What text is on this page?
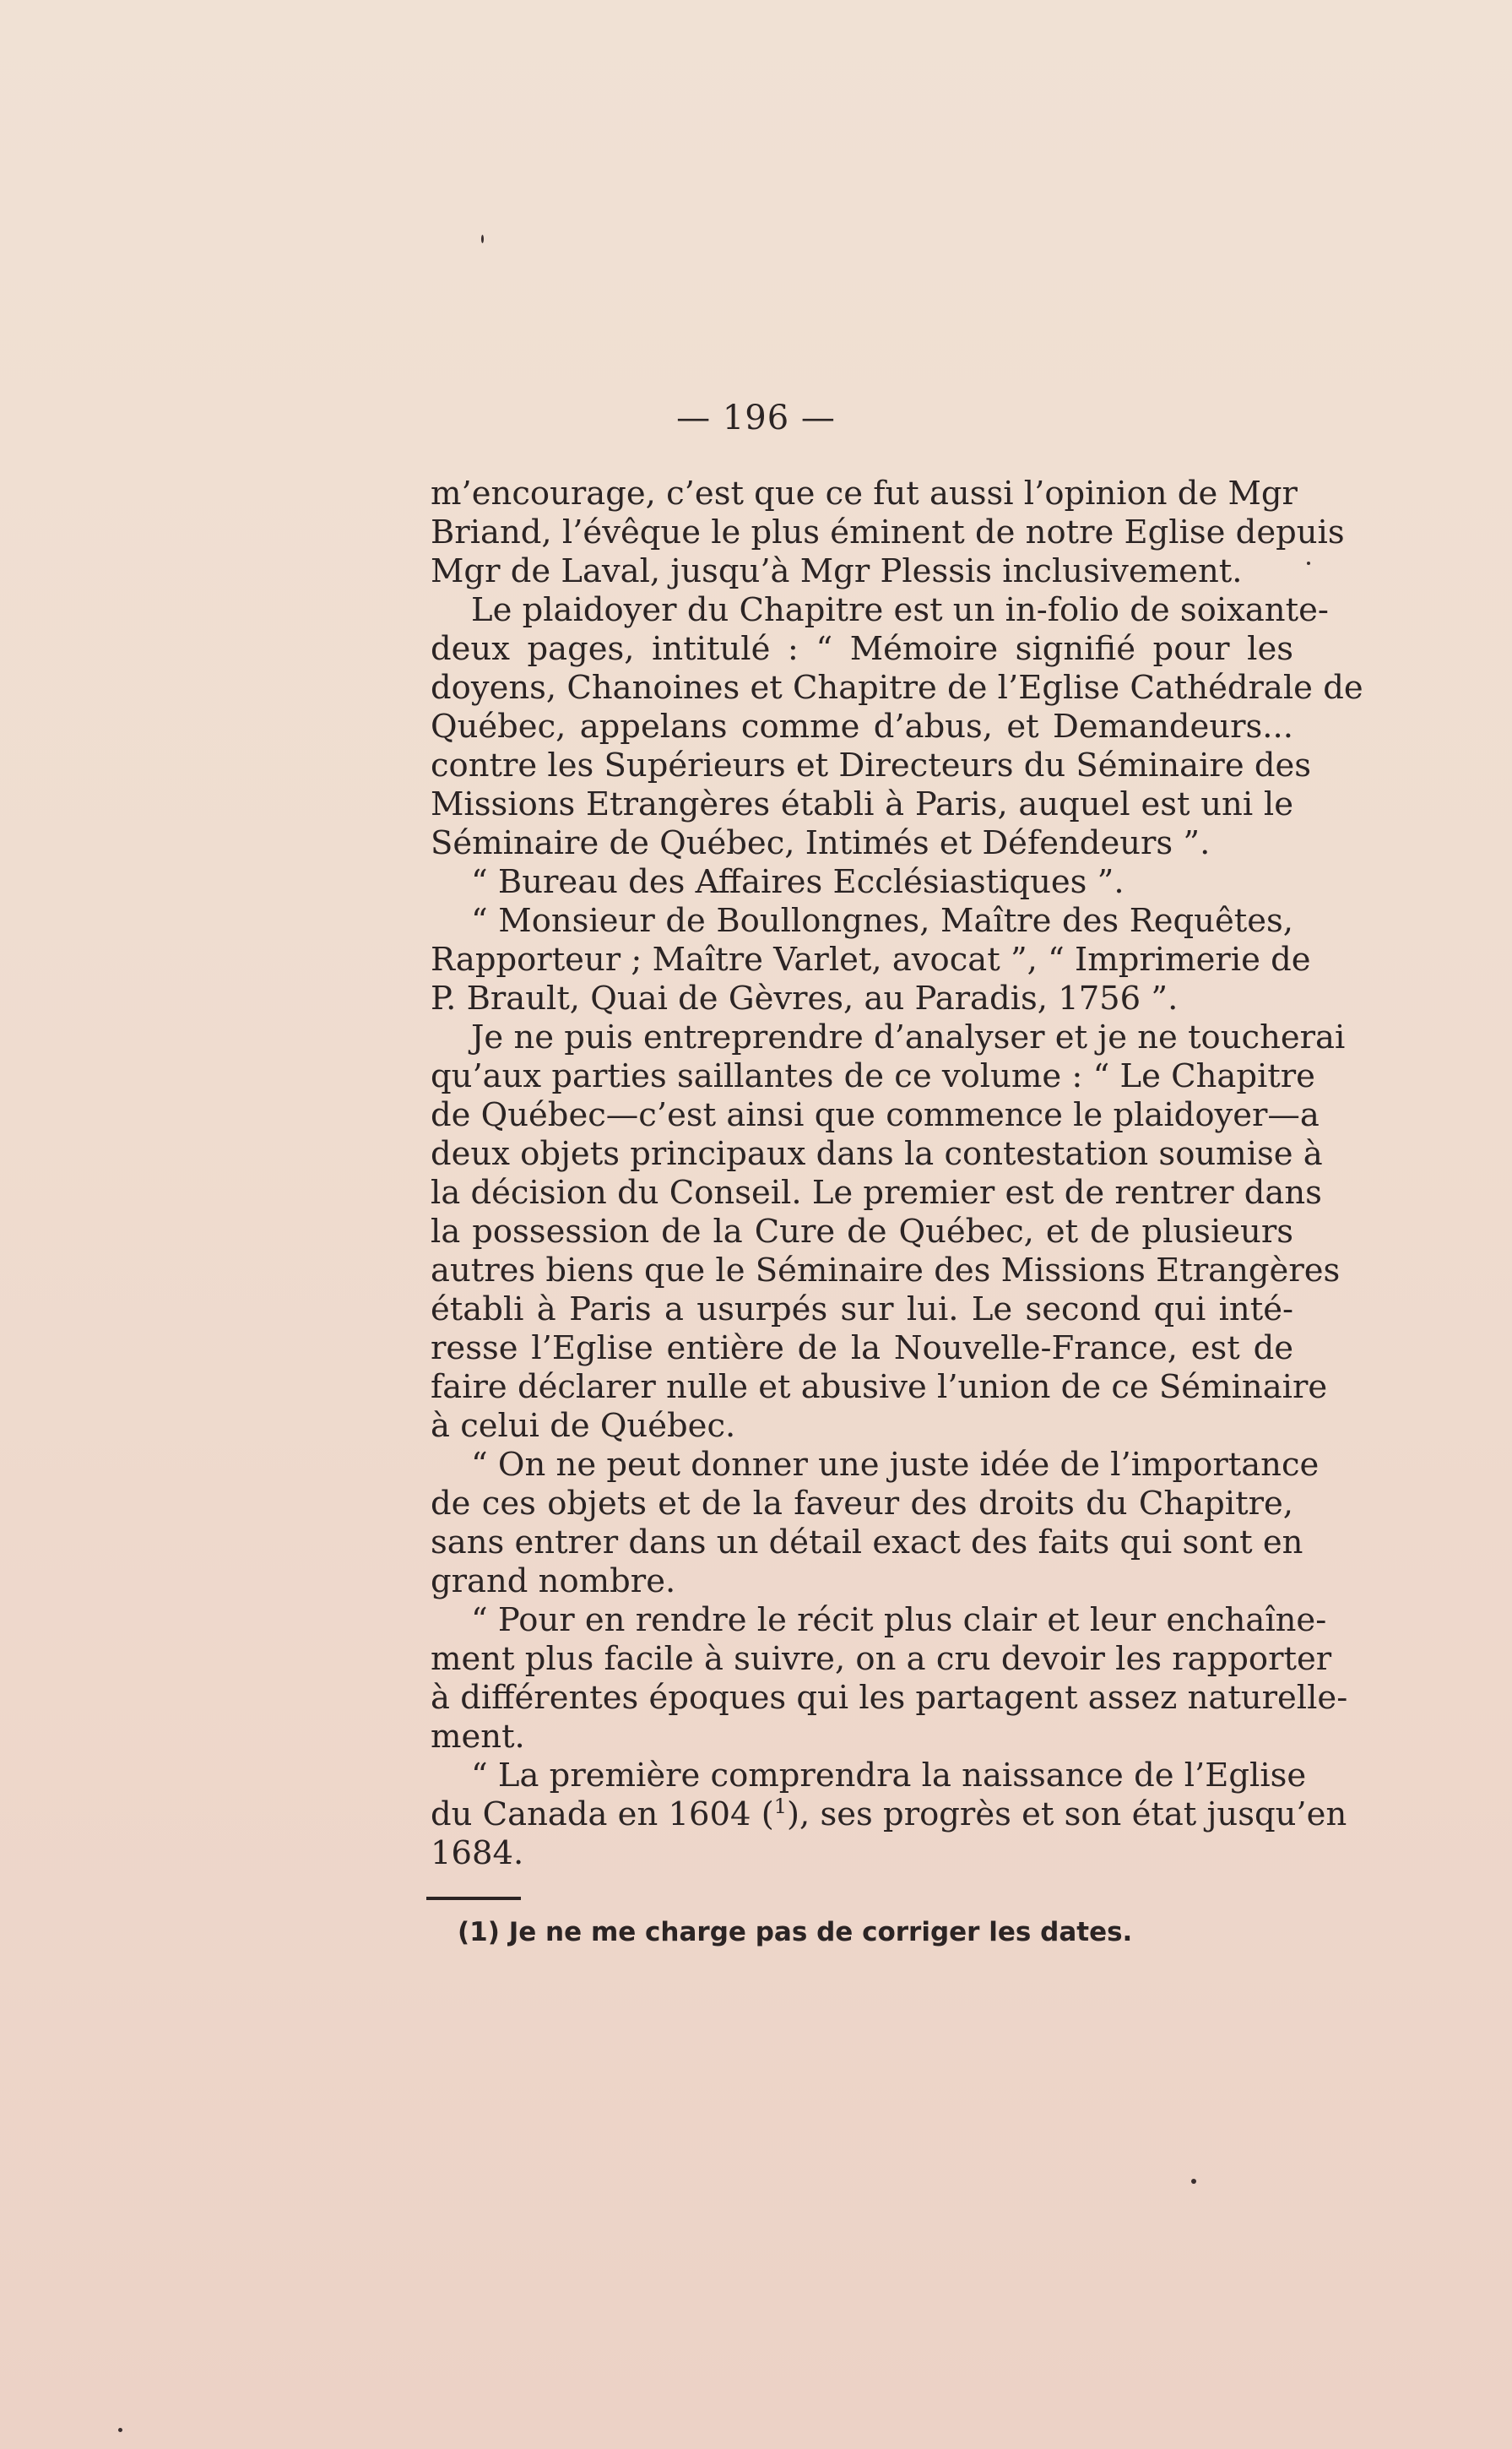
— 196 —
m’encourage, c’est que ce fut aussi l’opinion de Mgr
Briand, l’évêque le plus éminent de notre Eglise depuis
Mgr de Laval, jusqu’à Mgr Plessis inclusivement.
Le plaidoyer du Chapitre est un in-folio de soixante-
deux pages, intitulé : “ Mémoire signifié pour les
doyens, Chanoines et Chapitre de l’Eglise Cathédrale de
Québec, appelans comme d’abus, et Demandeurs...
contre les Supérieurs et Directeurs du Séminaire des
Missions Etrangères établi à Paris, auquel est uni le
Séminaire de Québec, Intimés et Défendeurs ”.
“ Bureau des Affaires Ecclésiastiques ”.
“ Monsieur de Boullongnes, Maître des Requêtes,
Rapporteur ; Maître Varlet, avocat ”, “ Imprimerie de
P. Brault, Quai de Gèvres, au Paradis, 1756 ”.
Je ne puis entreprendre d’analyser et je ne toucherai
qu’aux parties saillantes de ce volume : “ Le Chapitre
de Québec—c’est ainsi que commence le plaidoyer—a
deux objets principaux dans la contestation soumise à
la décision du Conseil. Le premier est de rentrer dans
la possession de la Cure de Québec, et de plusieurs
autres biens que le Séminaire des Missions Etrangères
établi à Paris a usurpés sur lui. Le second qui inté-
resse l’Eglise entière de la Nouvelle-France, est de
faire déclarer nulle et abusive l’union de ce Séminaire
à celui de Québec.
“ On ne peut donner une juste idée de l’importance
de ces objets et de la faveur des droits du Chapitre,
sans entrer dans un détail exact des faits qui sont en
grand nombre.
“ Pour en rendre le récit plus clair et leur enchaîne-
ment plus facile à suivre, on a cru devoir les rapporter
à différentes époques qui les partagent assez naturelle-
ment.
“ La première comprendra la naissance de l’Eglise
du Canada en 1604 ($^1$), ses progrès et son état jusqu’en
1684.
(1) Je ne me charge pas de corriger les dates.
